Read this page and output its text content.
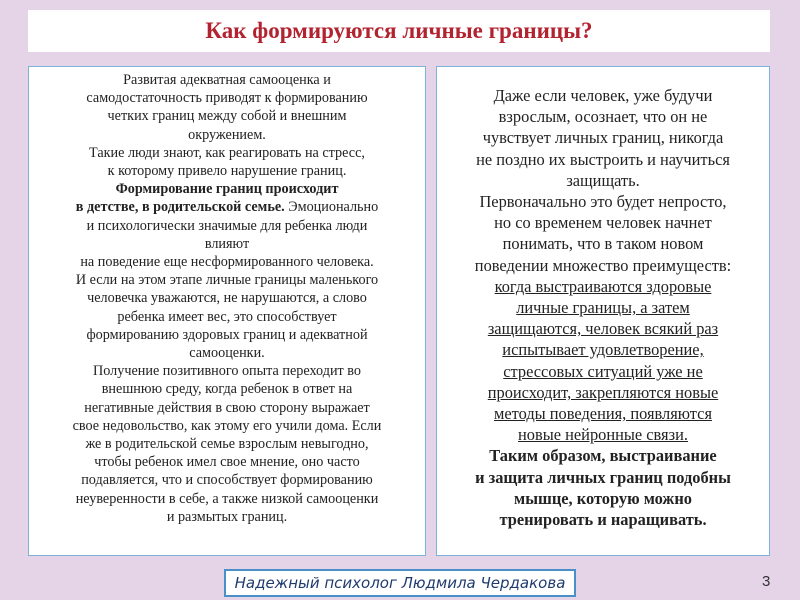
Как формируются личные границы?

Развитая адекватная самооценка и

самодостаточность приводят к формированию

четких границ между собой и внешним

окружением.

Такие люди знают, как реагировать на стресс,

к которому привело нарушение границ.

Формирование границ происходит

в детстве, в родительской семье. Эмоционально

и психологически значимые для ребенка люди

влияют

на поведение еще несформированного человека.

И если на этом этапе личные границы маленького

человечка уважаются, не нарушаются, а слово

ребенка имеет вес, это способствует

формированию здоровых границ и адекватной

самооценки.

Получение позитивного опыта переходит во

внешнюю среду, когда ребенок в ответ на

негативные действия в свою сторону выражает

свое недовольство, как этому его учили дома. Если

же в родительской семье взрослым невыгодно,

чтобы ребенок имел свое мнение, оно часто

подавляется, что и способствует формированию

неуверенности в себе, а также низкой самооценки

и размытых границ.

Даже если человек, уже будучи

взрослым, осознает, что он не

чувствует личных границ, никогда

не поздно их выстроить и научиться

защищать.

Первоначально это будет непросто,

но со временем человек начнет

понимать, что в таком новом

поведении множество преимуществ:

когда выстраиваются здоровые

личные границы, а затем

защищаются, человек всякий раз

испытывает удовлетворение,

стрессовых ситуаций уже не

происходит, закрепляются новые

методы поведения, появляются

новые нейронные связи.

Таким образом, выстраивание

и защита личных границ подобны

мышце, которую можно

тренировать и наращивать.

Надежный психолог Людмила Чердакова	3
